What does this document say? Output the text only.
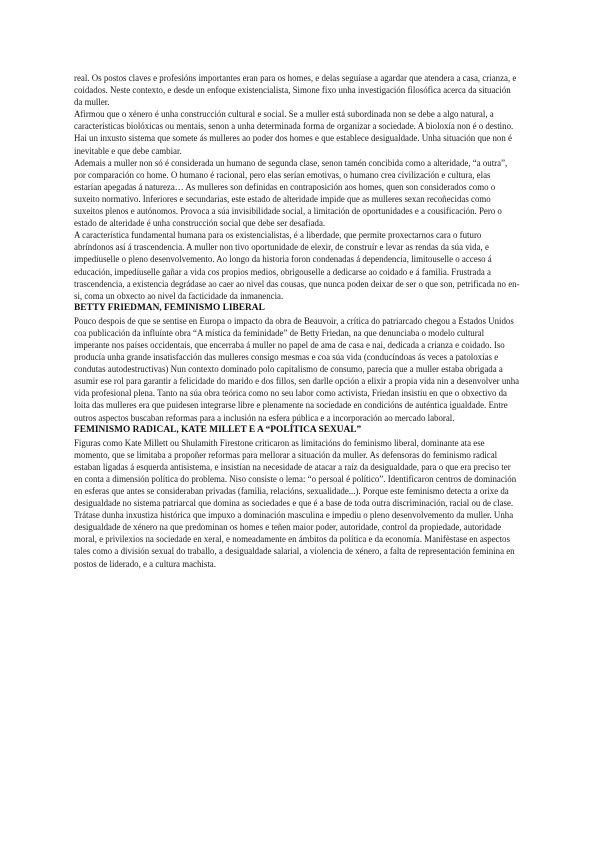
real. Os postos claves e profesións importantes eran para os homes, e delas seguíase a agardar que atendera a casa, crianza, e coidados. Neste contexto, e desde un enfoque existencialista, Simone fixo unha investigación filosófica acerca da situación da muller.

Afirmou que o xénero é unha construcción cultural e social. Se a muller está subordinada non se debe a algo natural, a características biolóxicas ou mentais, senon a unha determinada forma de organizar a sociedade. A bioloxía non é o destino. Hai un inxusto sistema que somete ás mulleres ao poder dos homes e que establece desigualdade. Unha situación que non é inevitable e que debe cambiar.

Ademais a muller non só é considerada un humano de segunda clase, senon tamén concibida como a alteridade, “a outra”, por comparación co home. O humano é racional, pero elas serían emotivas, o humano crea civilización e cultura, elas estarían apegadas á natureza… As mulleres son definidas en contraposición aos homes, quen son considerados como o suxeito normativo. Inferiores e secundarias, este estado de alteridade impide que as mulleres sexan recoñecidas como suxeitos plenos e autónomos. Provoca a súa invisibilidade social, a limitación de oportunidades e a cousificación. Pero o estado de alteridade é unha construcción social que debe ser desafiada.

A característica fundamental humana para os existencialistas, é a liberdade, que permite proxectarnos cara o futuro abríndonos así á trascendencia. A muller non tivo oportunidade de elexir, de construír e levar as rendas da súa vida, e impedíuselle o pleno desenvolvemento. Ao longo da historia foron condenadas á dependencia, limitouselle o acceso á educación, impedíuselle gañar a vida cos propios medios, obrigouselle a dedicarse ao coidado e á familia. Frustrada a trascendencia, a existencia degrádase ao caer ao nivel das cousas, que nunca poden deixar de ser o que son, petrificada no en-si, coma un obxecto ao nivel da facticidade da inmanencia.

BETTY FRIEDMAN, FEMINISMO LIBERAL

Pouco despois de que se sentise en Europa o impacto da obra de Beauvoir, a crítica do patriarcado chegou a Estados Unidos coa publicación da influínte obra “A mística da feminidade” de Betty Friedan, na que denunciaba o modelo cultural imperante nos países occidentais, que encerraba á muller no papel de ama de casa e nai, dedicada a crianza e coidado. Iso producía unha grande insatisfacción das mulleres consigo mesmas e coa súa vida (conducíndoas ás veces a patoloxías e condutas autodestructivas) Nun contexto dominado polo capitalismo de consumo, parecía que a muller estaba obrigada a asumir ese rol para garantir a felicidade do marido e dos fillos, sen darlle opción a elixir a propia vida nin a desenvolver unha vida profesional plena. Tanto na súa obra teórica como no seu labor como activista, Friedan insistiu en que o obxectivo da loita das mulleres era que puidesen integrarse libre e plenamente na sociedade en condicións de auténtica igualdade. Entre outros aspectos buscaban reformas para a inclusión na esfera pública e a incorporación ao mercado laboral.

FEMINISMO RADICAL, KATE MILLET E A “POLÍTICA SEXUAL”

Figuras como Kate Millett ou Shulamith Firestone criticaron as limitacións do feminismo liberal, dominante ata ese momento, que se limitaba a propoñer reformas para mellorar a situación da muller. As defensoras do feminismo radical estaban ligadas á esquerda antisistema, e insistían na necesidade de atacar a raíz da desigualdade, para o que era preciso ter en conta a dimensión política do problema. Niso consiste o lema: “o persoal é político”. Identificaron centros de dominación en esferas que antes se consideraban privadas (familia, relacións, sexualidade...). Porque este feminismo detecta a orixe da desigualdade no sistema patriarcal que domina as sociedades e que é a base de toda outra discriminación, racial ou de clase. Trátase dunha inxustiza histórica que impuxo a dominación masculina e impediu o pleno desenvolvemento da muller. Unha desigualdade de xénero na que predominan os homes e teñen maior poder, autoridade, control da propiedade, autoridade moral, e privilexios na sociedade en xeral, e nomeadamente en ámbitos da política e da economía. Manifèstase en aspectos tales como a división sexual do traballo, a desigualdade salarial, a violencia de xénero, a falta de representación feminina en postos de liderado, e a cultura machista.
